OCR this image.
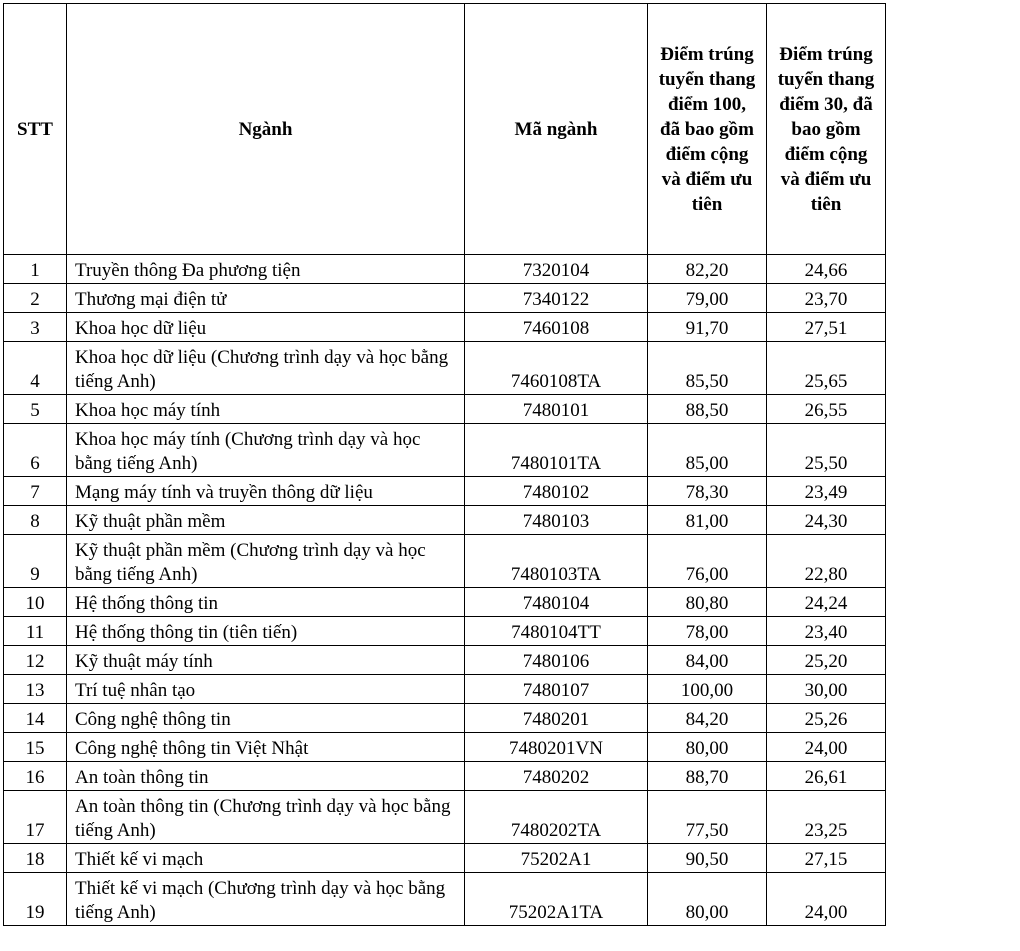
STT	Ngành	Mã ngành	Điểm trúng tuyển thang điểm 100, đã bao gồm điểm cộng và điểm ưu tiên	Điểm trúng tuyển thang điểm 30, đã bao gồm điểm cộng và điểm ưu tiên
1	Truyền thông Đa phương tiện	7320104	82,20	24,66
2	Thương mại điện tử	7340122	79,00	23,70
3	Khoa học dữ liệu	7460108	91,70	27,51
4	Khoa học dữ liệu (Chương trình dạy và học bằng tiếng Anh)	7460108TA	85,50	25,65
5	Khoa học máy tính	7480101	88,50	26,55
6	Khoa học máy tính (Chương trình dạy và học bằng tiếng Anh)	7480101TA	85,00	25,50
7	Mạng máy tính và truyền thông dữ liệu	7480102	78,30	23,49
8	Kỹ thuật phần mềm	7480103	81,00	24,30
9	Kỹ thuật phần mềm (Chương trình dạy và học bằng tiếng Anh)	7480103TA	76,00	22,80
10	Hệ thống thông tin	7480104	80,80	24,24
11	Hệ thống thông tin (tiên tiến)	7480104TT	78,00	23,40
12	Kỹ thuật máy tính	7480106	84,00	25,20
13	Trí tuệ nhân tạo	7480107	100,00	30,00
14	Công nghệ thông tin	7480201	84,20	25,26
15	Công nghệ thông tin Việt Nhật	7480201VN	80,00	24,00
16	An toàn thông tin	7480202	88,70	26,61
17	An toàn thông tin (Chương trình dạy và học bằng tiếng Anh)	7480202TA	77,50	23,25
18	Thiết kế vi mạch	75202A1	90,50	27,15
19	Thiết kế vi mạch (Chương trình dạy và học bằng tiếng Anh)	75202A1TA	80,00	24,00
